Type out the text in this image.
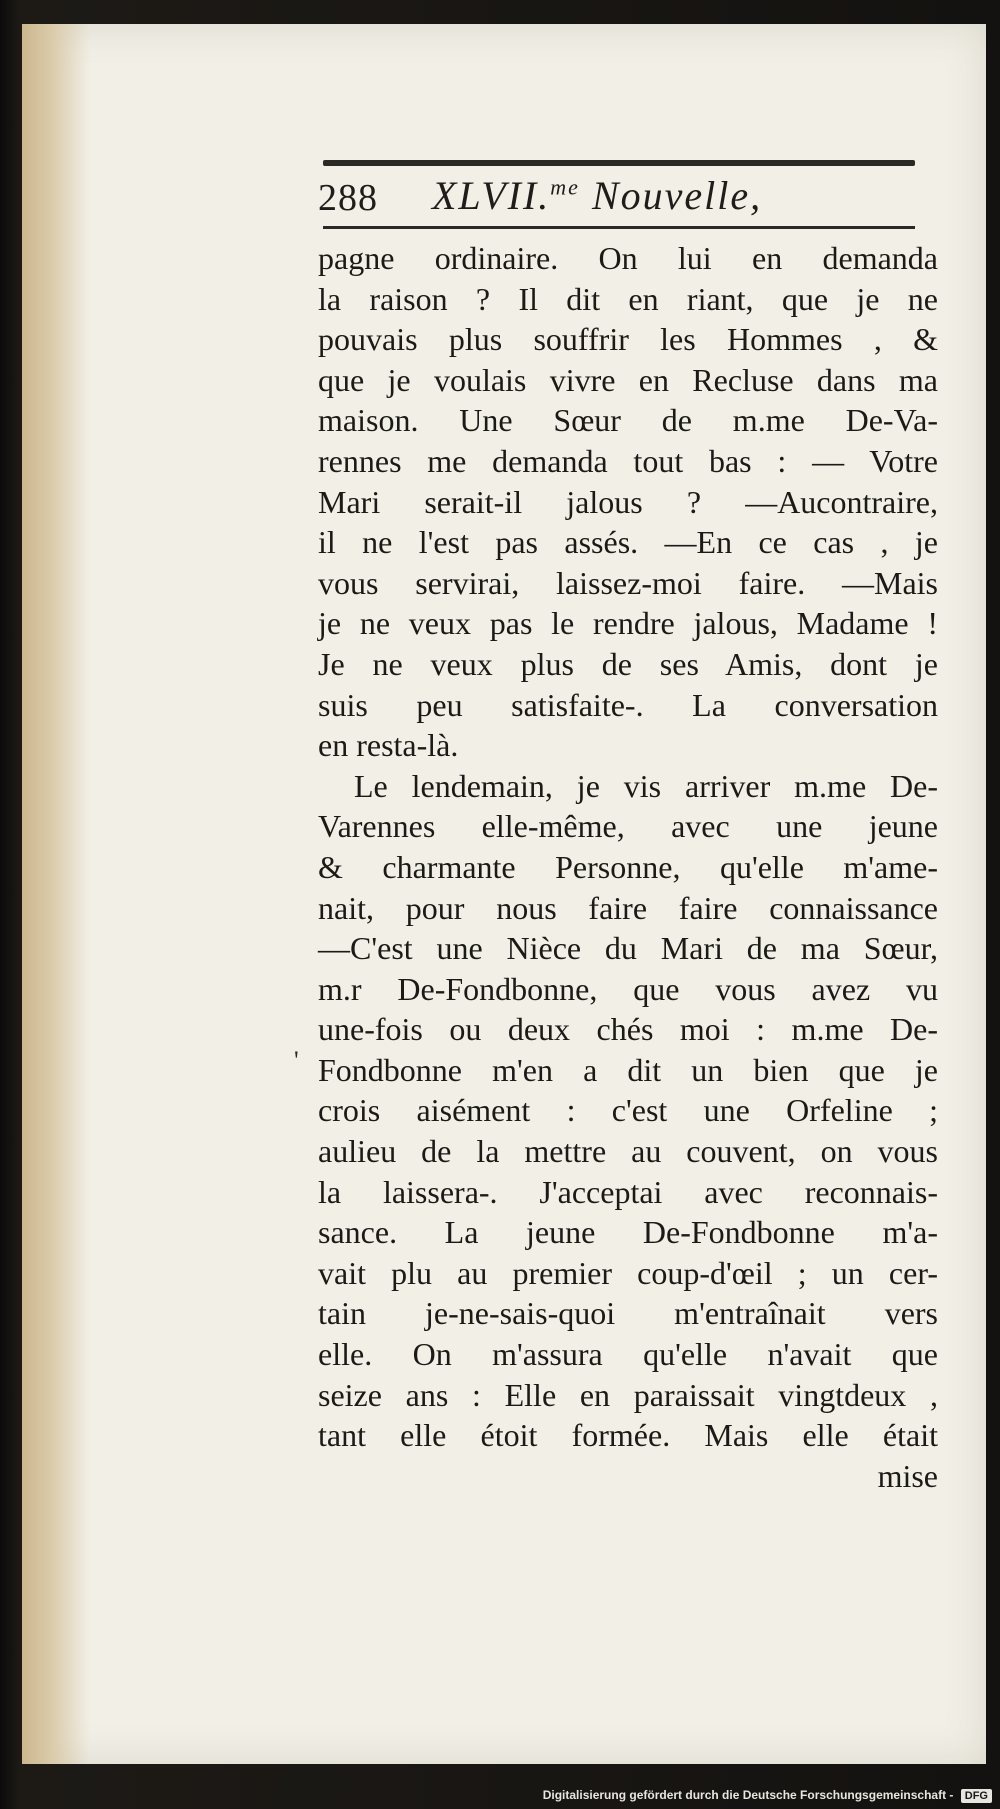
288 XLVII.$^{me}$ Nouvelle,
'
pagne ordinaire. On lui en demanda
la raison ? Il dit en riant, que je ne
pouvais plus souffrir les Hommes , &
que je voulais vivre en Recluse dans ma
maison. Une Sœur de m.me De-Va-
rennes me demanda tout bas : — Votre
Mari serait-il jalous ? —Aucontraire,
il ne l'est pas assés. —En ce cas , je
vous servirai, laissez-moi faire. —Mais
je ne veux pas le rendre jalous, Madame !
Je ne veux plus de ses Amis, dont je
suis peu satisfaite-. La conversation
en resta-là.
Le lendemain, je vis arriver m.me De-
Varennes elle-même, avec une jeune
& charmante Personne, qu'elle m'ame-
nait, pour nous faire faire connaissance
—C'est une Nièce du Mari de ma Sœur,
m.r De-Fondbonne, que vous avez vu
une-fois ou deux chés moi : m.me De-
Fondbonne m'en a dit un bien que je
crois aisément : c'est une Orfeline ;
aulieu de la mettre au couvent, on vous
la laissera-. J'acceptai avec reconnais-
sance. La jeune De-Fondbonne m'a-
vait plu au premier coup-d'œil ; un cer-
tain je-ne-sais-quoi m'entraînait vers
elle. On m'assura qu'elle n'avait que
seize ans : Elle en paraissait vingtdeux ,
tant elle étoit formée. Mais elle était
mise
Digitalisierung gefördert durch die Deutsche Forschungsgemeinschaft - DFG
